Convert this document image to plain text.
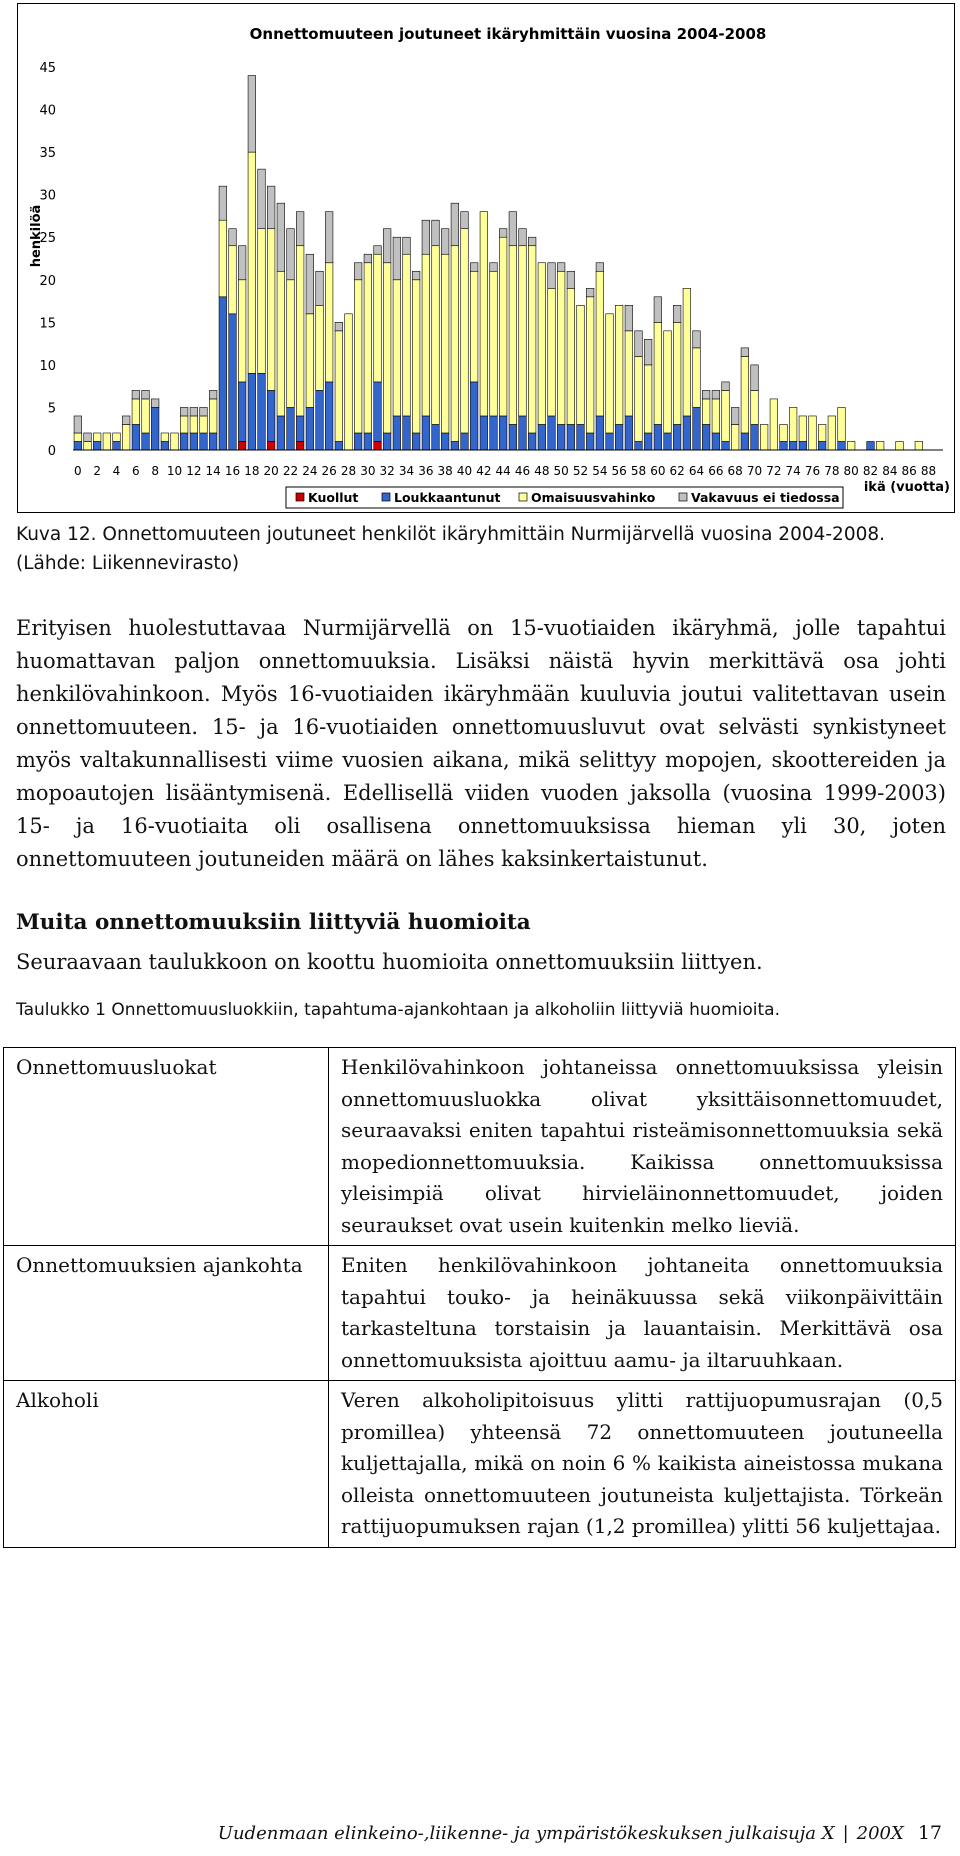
Onnettomuuteen joutuneet ikäryhmittäin vuosina 2004-2008
henkilöä
0
5
10
15
20
25
30
35
40
45
0 2 4 6 8 10 12 14 16 18 20 22 24 26 28 30 32 34 36 38 40 42 44 46 48 50 52 54 56 58 60 62 64 66 68 70 72 74 76 78 80 82 84 86 88
ikä (vuotta)
Kuollut	Loukkaantunut Omaisuusvahinko	Vakavuus ei tiedossa
Kuva 12. Onnettomuuteen joutuneet henkilöt ikäryhmittäin Nurmijärvellä vuosina 2004-2008. (Lähde: Liikennevirasto)
Erityisen huolestuttavaa Nurmijärvellä on 15-vuotiaiden ikäryhmä, jolle tapahtui huomattavan paljon onnettomuuksia. Lisäksi näistä hyvin merkittävä osa johti henkilövahinkoon. Myös 16-vuotiaiden ikäryhmään kuuluvia joutui valitettavan usein onnettomuuteen. 15- ja 16-vuotiaiden onnettomuusluvut ovat selvästi synkistyneet myös valtakunnallisesti viime vuosien aikana, mikä selittyy mopojen, skoottereiden ja mopoautojen lisääntymisenä. Edellisellä viiden vuoden jaksolla (vuosina 1999-2003) 15- ja 16-vuotiaita oli osallisena onnettomuuksissa hieman yli 30, joten onnettomuuteen joutuneiden määrä on lähes kaksinkertaistunut.
Muita onnettomuuksiin liittyviä huomioita
Seuraavaan taulukkoon on koottu huomioita onnettomuuksiin liittyen.
Taulukko 1 Onnettomuusluokkiin, tapahtuma-ajankohtaan ja alkoholiin liittyviä huomioita.
Onnettomuusluokat	Henkilövahinkoon johtaneissa onnettomuuksissa yleisin onnettomuusluokka olivat yksittäisonnettomuudet, seuraavaksi eniten tapahtui risteämisonnettomuuksia sekä mopedionnettomuuksia. Kaikissa onnettomuuksissa yleisimpiä olivat hirvieläinonnettomuudet, joiden seuraukset ovat usein kuitenkin melko lieviä.
Onnettomuuksien ajankohta	Eniten henkilövahinkoon johtaneita onnettomuuksia tapahtui touko- ja heinäkuussa sekä viikonpäivittäin tarkasteltuna torstaisin ja lauantaisin. Merkittävä osa onnettomuuksista ajoittuu aamu- ja iltaruuhkaan.
Alkoholi	Veren alkoholipitoisuus ylitti rattijuopumusrajan (0,5 promillea) yhteensä 72 onnettomuuteen joutuneella kuljettajalla, mikä on noin 6 % kaikista aineistossa mukana olleista onnettomuuteen joutuneista kuljettajista. Törkeän rattijuopumuksen rajan (1,2 promillea) ylitti 56 kuljettajaa.
Uudenmaan elinkeino-,liikenne- ja ympäristökeskuksen julkaisuja X | 200X 17
